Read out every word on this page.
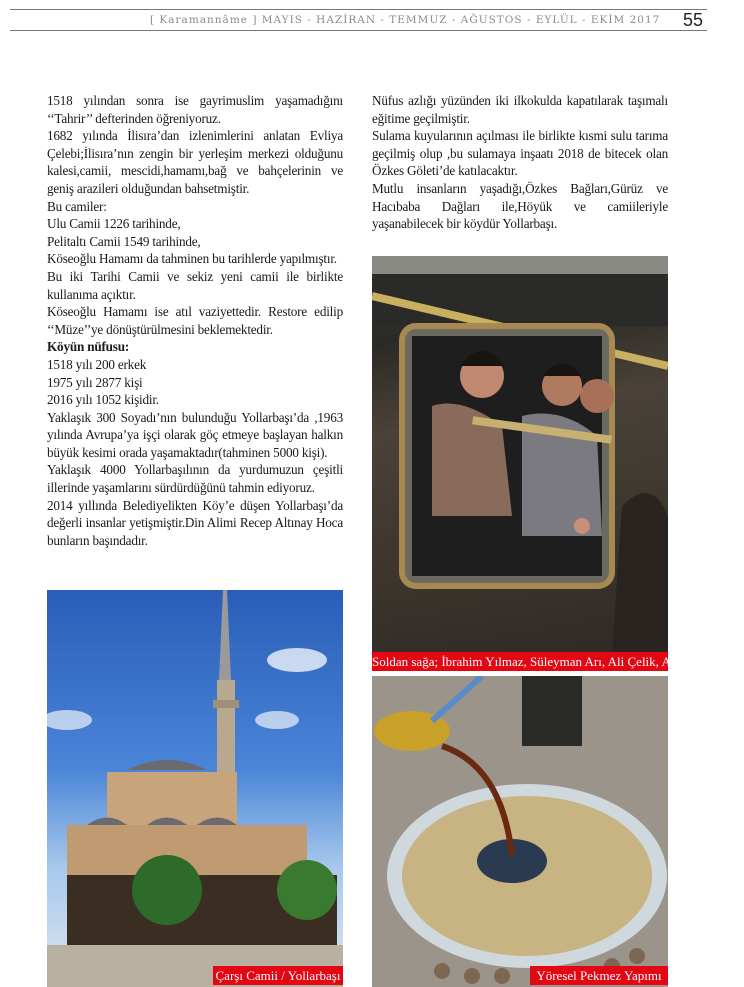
[ Karamannâme ] MAYIS - HAZİRAN - TEMMUZ - AĞUSTOS - EYLÜL - EKİM 2017 55

1518 yılından sonra ise gayrimuslim yaşamadığını ‘‘Tahrir’’ defterinden öğreniyoruz.

1682 yılında İlisıra’dan izlenimlerini anlatan Evliya Çelebi;İlisıra’nın zengin bir yerleşim merkezi olduğunu kalesi,camii, mescidi,hamamı,bağ ve bahçelerinin ve geniş arazileri olduğundan bahsetmiştir.

Bu camiler:

Ulu Camii 1226 tarihinde,

Pelitaltı Camii 1549 tarihinde,

Köseoğlu Hamamı da tahminen bu tarihlerde yapılmıştır.

Bu iki Tarihi Camii ve sekiz yeni camii ile birlikte kullanıma açıktır.

Köseoğlu Hamamı ise atıl vaziyettedir. Restore edilip ‘‘Müze’’ye dönüştürülmesini beklemektedir.

Köyün nüfusu:

1518 yılı 200 erkek

1975 yılı 2877 kişi

2016 yılı 1052 kişidir.

Yaklaşık 300 Soyadı’nın bulunduğu Yollarbaşı’da ,1963 yılında Avrupa’ya işçi olarak göç etmeye başlayan halkın büyük kesimi orada yaşamaktadır(tahminen 5000 kişi).

Yaklaşık 4000 Yollarbaşılının da yurdumuzun çeşitli illerinde yaşamlarını sürdürdüğünü tahmin ediyoruz.

2014 yıllında Belediyelikten Köy’e düşen Yollarbaşı’da değerli insanlar yetişmiştir.Din Alimi Recep Altınay Hoca bunların başındadır.

Nüfus azlığı yüzünden iki ilkokulda kapatılarak taşımalı eğitime geçilmiştir.

Sulama kuyularının açılması ile birlikte kısmi sulu tarıma geçilmiş olup ,bu sulamaya inşaatı 2018 de bitecek olan Özkes Göleti’de katılacaktır.

Mutlu insanların yaşadığı,Özkes Bağları,Gürüz ve Hacıbaba Dağları ile,Höyük ve camiileriyle yaşanabilecek bir köydür Yollarbaşı.

Soldan sağa; İbrahim Yılmaz, Süleyman Arı, Ali Çelik, Ali Özenç
Çarşı Camii / Yollarbaşı	Yöresel Pekmez Yapımı
